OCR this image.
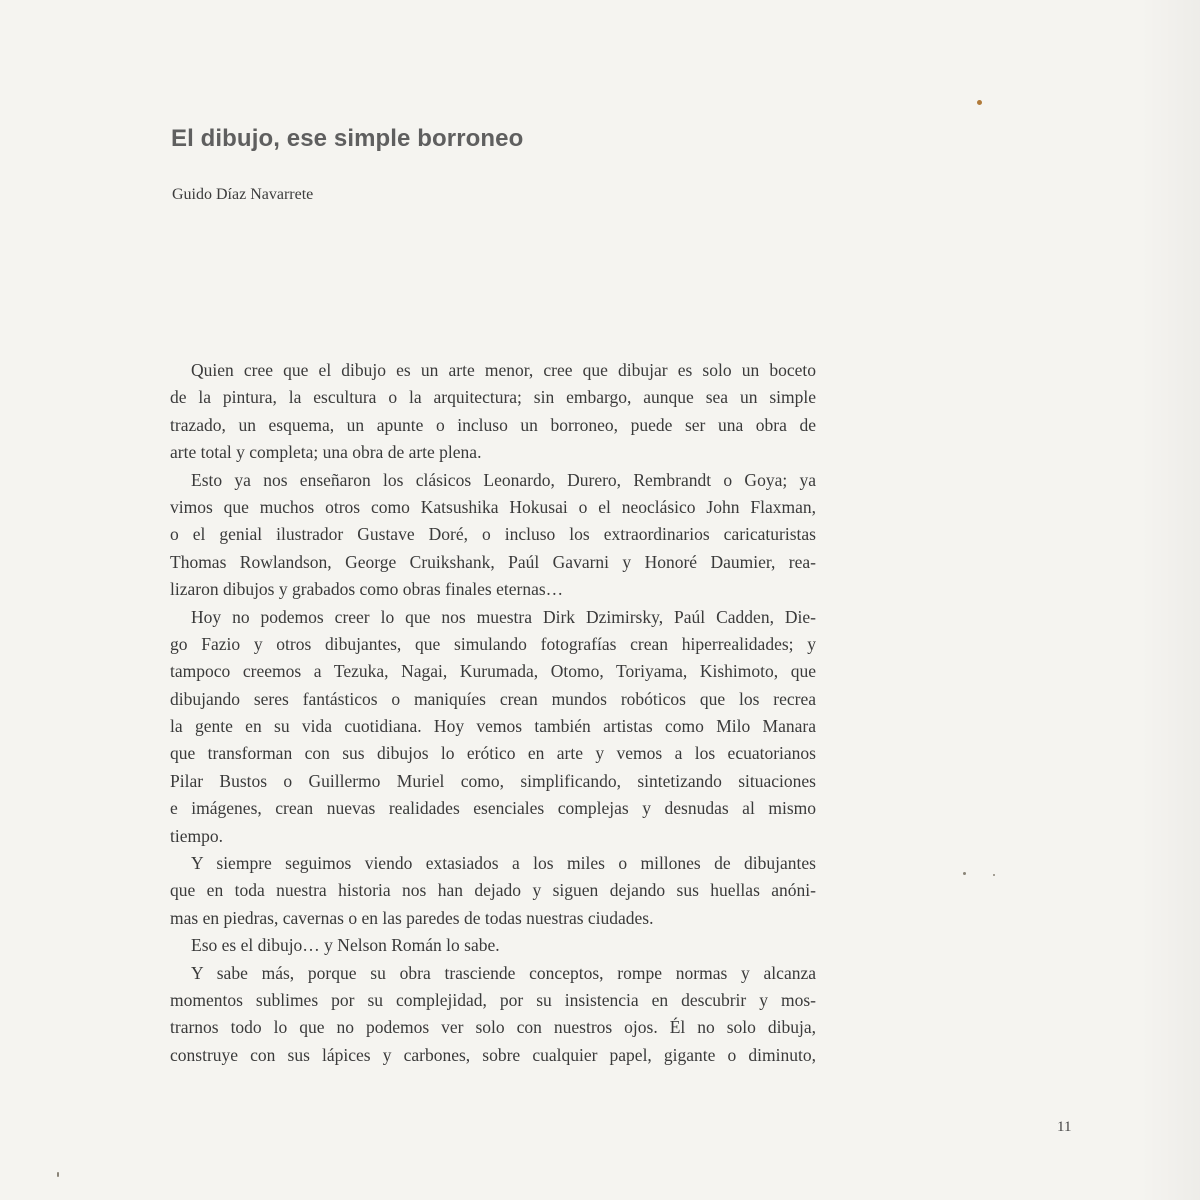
El dibujo, ese simple borroneo

Guido Díaz Navarrete

Quien cree que el dibujo es un arte menor, cree que dibujar es solo un boceto
de la pintura, la escultura o la arquitectura; sin embargo, aunque sea un simple
trazado, un esquema, un apunte o incluso un borroneo, puede ser una obra de
arte total y completa; una obra de arte plena.
Esto ya nos enseñaron los clásicos Leonardo, Durero, Rembrandt o Goya; ya
vimos que muchos otros como Katsushika Hokusai o el neoclásico John Flaxman,
o el genial ilustrador Gustave Doré, o incluso los extraordinarios caricaturistas
Thomas Rowlandson, George Cruikshank, Paúl Gavarni y Honoré Daumier, rea-
lizaron dibujos y grabados como obras finales eternas…
Hoy no podemos creer lo que nos muestra Dirk Dzimirsky, Paúl Cadden, Die-
go Fazio y otros dibujantes, que simulando fotografías crean hiperrealidades; y
tampoco creemos a Tezuka, Nagai, Kurumada, Otomo, Toriyama, Kishimoto, que
dibujando seres fantásticos o maniquíes crean mundos robóticos que los recrea
la gente en su vida cuotidiana. Hoy vemos también artistas como Milo Manara
que transforman con sus dibujos lo erótico en arte y vemos a los ecuatorianos
Pilar Bustos o Guillermo Muriel como, simplificando, sintetizando situaciones
e imágenes, crean nuevas realidades esenciales complejas y desnudas al mismo
tiempo.
Y siempre seguimos viendo extasiados a los miles o millones de dibujantes
que en toda nuestra historia nos han dejado y siguen dejando sus huellas anóni-
mas en piedras, cavernas o en las paredes de todas nuestras ciudades.
Eso es el dibujo… y Nelson Román lo sabe.
Y sabe más, porque su obra trasciende conceptos, rompe normas y alcanza
momentos sublimes por su complejidad, por su insistencia en descubrir y mos-
trarnos todo lo que no podemos ver solo con nuestros ojos. Él no solo dibuja,
construye con sus lápices y carbones, sobre cualquier papel, gigante o diminuto,

11
